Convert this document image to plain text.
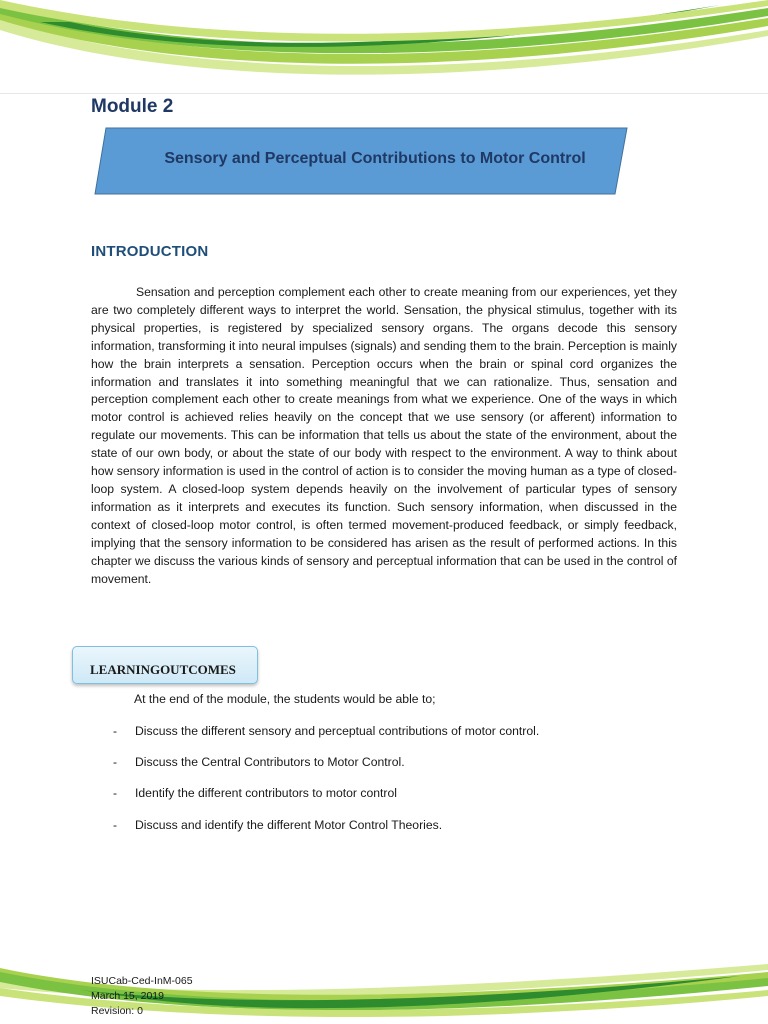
Module 2
Sensory and Perceptual Contributions to Motor Control
INTRODUCTION

Sensation and perception complement each other to create meaning from our experiences, yet they are two completely different ways to interpret the world. Sensation, the physical stimulus, together with its physical properties, is registered by specialized sensory organs. The organs decode this sensory information, transforming it into neural impulses (signals) and sending them to the brain. Perception is mainly how the brain interprets a sensation. Perception occurs when the brain or spinal cord organizes the information and translates it into something meaningful that we can rationalize. Thus, sensation and perception complement each other to create meanings from what we experience. One of the ways in which motor control is achieved relies heavily on the concept that we use sensory (or afferent) information to regulate our movements. This can be information that tells us about the state of the environment, about the state of our own body, or about the state of our body with respect to the environment. A way to think about how sensory information is used in the control of action is to consider the moving human as a type of closed-loop system. A closed-loop system depends heavily on the involvement of particular types of sensory information as it interprets and executes its function. Such sensory information, when discussed in the context of closed-loop motor control, is often termed movement-produced feedback, or simply feedback, implying that the sensory information to be considered has arisen as the result of performed actions. In this chapter we discuss the various kinds of sensory and perceptual information that can be used in the control of movement.

LEARNINGOUTCOMES

At the end of the module, the students would be able to;

- Discuss the different sensory and perceptual contributions of motor control.
- Discuss the Central Contributors to Motor Control.
- Identify the different contributors to motor control
- Discuss and identify the different Motor Control Theories.

ISUCab-Ced-InM-065

March 15, 2019

Revision: 0
